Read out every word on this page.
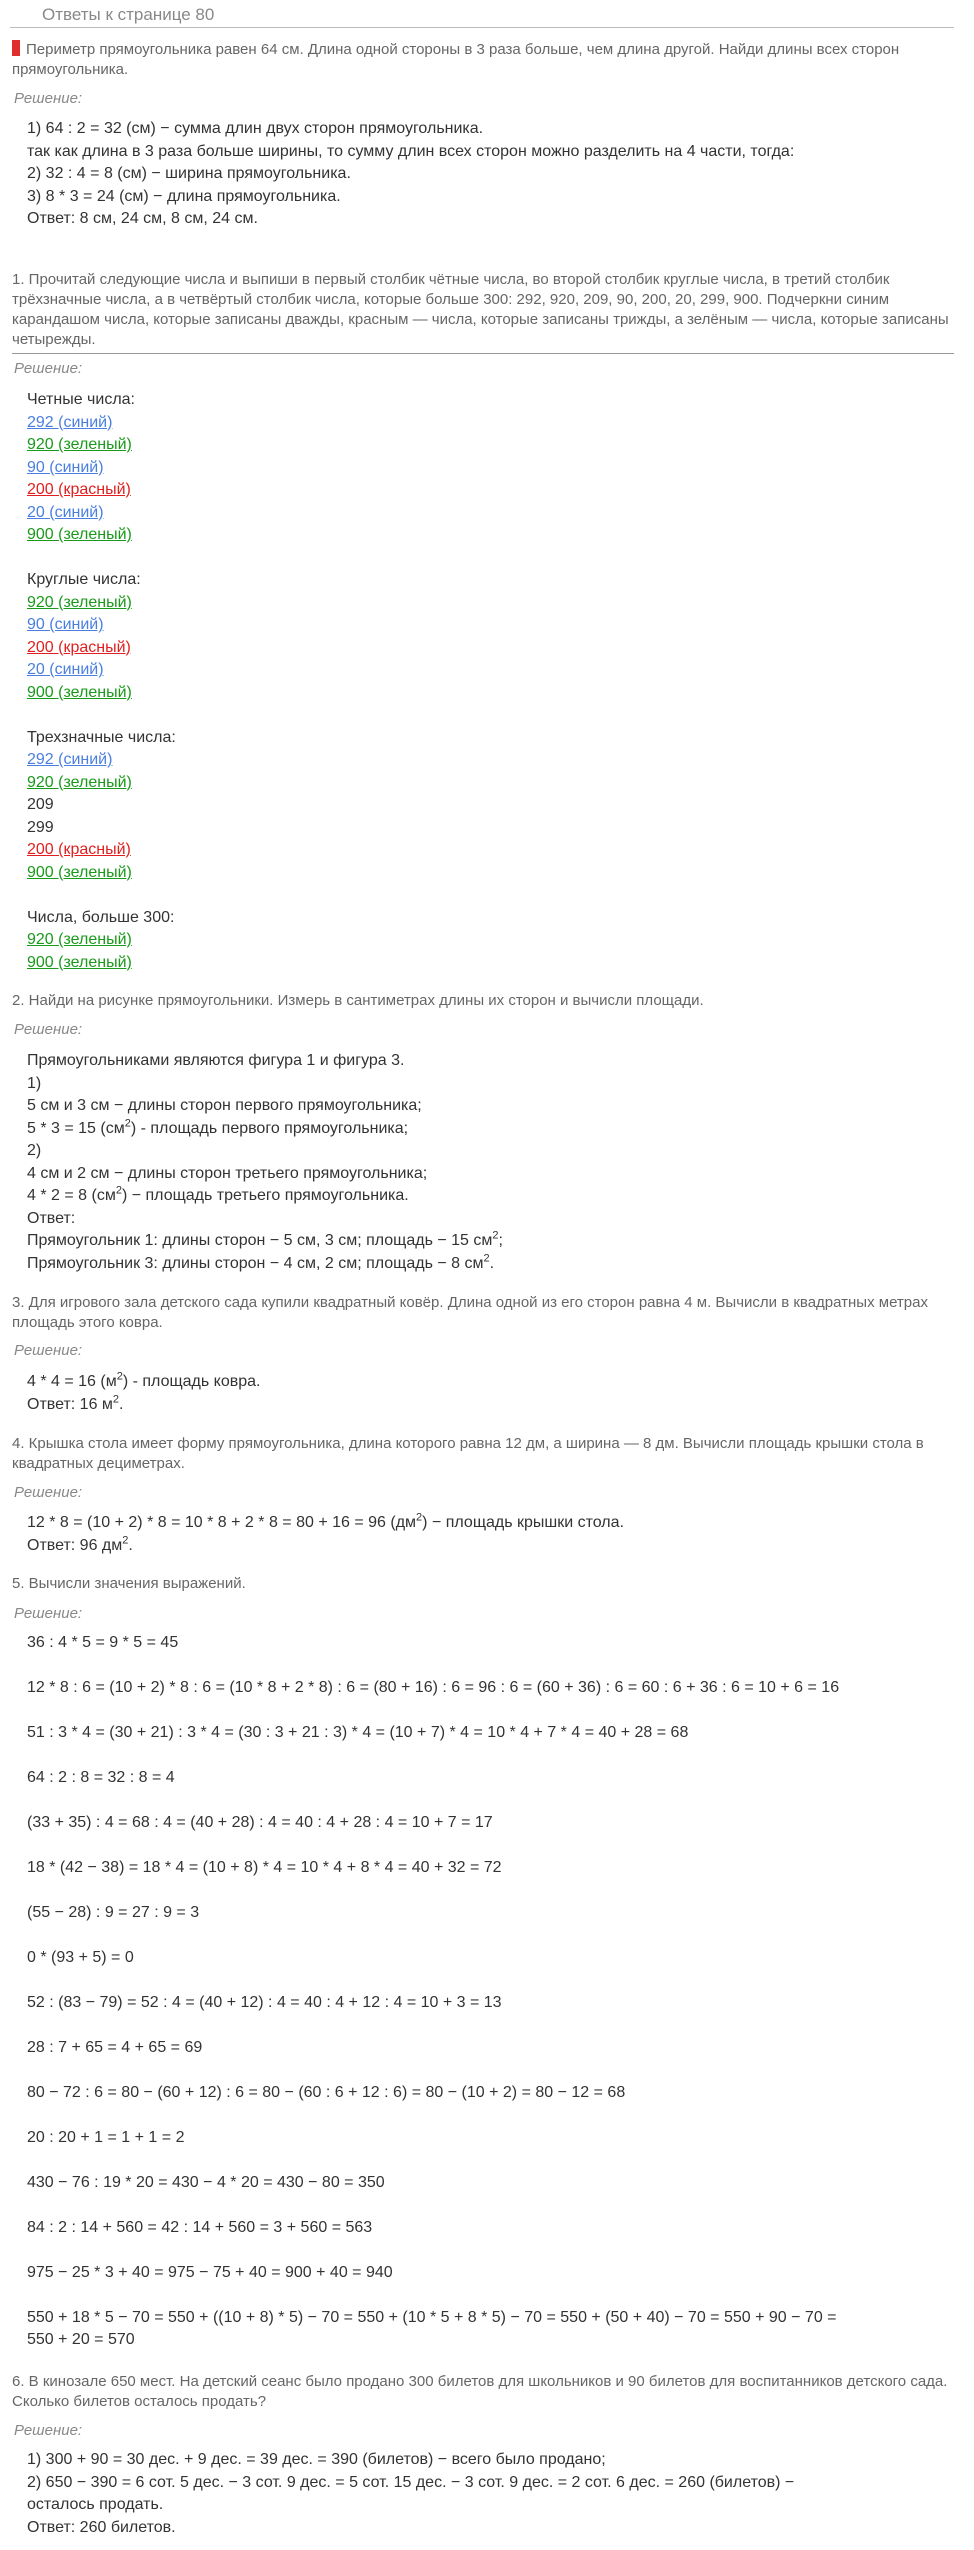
Ответы к странице 80
Периметр прямоугольника равен 64 см. Длина одной стороны в 3 раза больше, чем длина другой. Найди длины всех сторон прямоугольника.
Решение:
1) 64 : 2 = 32 (см) − сумма длин двух сторон прямоугольника.
так как длина в 3 раза больше ширины, то сумму длин всех сторон можно разделить на 4 части, тогда:
2) 32 : 4 = 8 (см) − ширина прямоугольника.
3) 8 * 3 = 24 (см) − длина прямоугольника.
Ответ: 8 см, 24 см, 8 см, 24 см.
1. Прочитай следующие числа и выпиши в первый столбик чётные числа, во второй столбик круглые числа, в третий столбик трёхзначные числа, а в четвёртый столбик числа, которые больше 300: 292, 920, 209, 90, 200, 20, 299, 900. Подчеркни синим карандашом числа, которые записаны дважды, красным — числа, которые записаны трижды, а зелёным — числа, которые записаны четырежды.
Решение:
Четные числа:
292 (синий)
920 (зеленый)
90 (синий)
200 (красный)
20 (синий)
900 (зеленый)
Круглые числа:
920 (зеленый)
90 (синий)
200 (красный)
20 (синий)
900 (зеленый)
Трехзначные числа:
292 (синий)
920 (зеленый)
209
299
200 (красный)
900 (зеленый)
Числа, больше 300:
920 (зеленый)
900 (зеленый)
2. Найди на рисунке прямоугольники. Измерь в сантиметрах длины их сторон и вычисли площади.
Решение:
Прямоугольниками являются фигура 1 и фигура 3.
1)
5 см и 3 см − длины сторон первого прямоугольника;
5 * 3 = 15 $(см^2)$ - площадь первого прямоугольника;
2)
4 см и 2 см − длины сторон третьего прямоугольника;
4 * 2 = 8 $(см^2)$ − площадь третьего прямоугольника.
Ответ:
Прямоугольник 1: длины сторон − 5 см, 3 см; площадь − 15 $см^2$;
Прямоугольник 3: длины сторон − 4 см, 2 см; площадь − 8 $см^2$.
3. Для игрового зала детского сада купили квадратный ковёр. Длина одной из его сторон равна 4 м. Вычисли в квадратных метрах площадь этого ковра.
Решение:
4 * 4 = 16 $(м^2)$ - площадь ковра.
Ответ: 16 $м^2$.
4. Крышка стола имеет форму прямоугольника, длина которого равна 12 дм, а ширина — 8 дм. Вычисли площадь крышки стола в квадратных дециметрах.
Решение:
12 * 8 = (10 + 2) * 8 = 10 * 8 + 2 * 8 = 80 + 16 = 96 $(дм^2)$ − площадь крышки стола.
Ответ: 96 $дм^2$.
5. Вычисли значения выражений.
Решение:
36 : 4 * 5 = 9 * 5 = 45
12 * 8 : 6 = (10 + 2) * 8 : 6 = (10 * 8 + 2 * 8) : 6 = (80 + 16) : 6 = 96 : 6 = (60 + 36) : 6 = 60 : 6 + 36 : 6 = 10 + 6 = 16
51 : 3 * 4 = (30 + 21) : 3 * 4 = (30 : 3 + 21 : 3) * 4 = (10 + 7) * 4 = 10 * 4 + 7 * 4 = 40 + 28 = 68
64 : 2 : 8 = 32 : 8 = 4
(33 + 35) : 4 = 68 : 4 = (40 + 28) : 4 = 40 : 4 + 28 : 4 = 10 + 7 = 17
18 * (42 − 38) = 18 * 4 = (10 + 8) * 4 = 10 * 4 + 8 * 4 = 40 + 32 = 72
(55 − 28) : 9 = 27 : 9 = 3
0 * (93 + 5) = 0
52 : (83 − 79) = 52 : 4 = (40 + 12) : 4 = 40 : 4 + 12 : 4 = 10 + 3 = 13
28 : 7 + 65 = 4 + 65 = 69
80 − 72 : 6 = 80 − (60 + 12) : 6 = 80 − (60 : 6 + 12 : 6) = 80 − (10 + 2) = 80 − 12 = 68
20 : 20 + 1 = 1 + 1 = 2
430 − 76 : 19 * 20 = 430 − 4 * 20 = 430 − 80 = 350
84 : 2 : 14 + 560 = 42 : 14 + 560 = 3 + 560 = 563
975 − 25 * 3 + 40 = 975 − 75 + 40 = 900 + 40 = 940
550 + 18 * 5 − 70 = 550 + ((10 + 8) * 5) − 70 = 550 + (10 * 5 + 8 * 5) − 70 = 550 + (50 + 40) − 70 = 550 + 90 − 70 =
550 + 20 = 570
6. В кинозале 650 мест. На детский сеанс было продано 300 билетов для школьников и 90 билетов для воспитанников детского сада. Сколько билетов осталось продать?
Решение:
1) 300 + 90 = 30 дес. + 9 дес. = 39 дес. = 390 (билетов) − всего было продано;
2) 650 − 390 = 6 сот. 5 дес. − 3 сот. 9 дес. = 5 сот. 15 дес. − 3 сот. 9 дес. = 2 сот. 6 дес. = 260 (билетов) −
осталось продать.
Ответ: 260 билетов.
